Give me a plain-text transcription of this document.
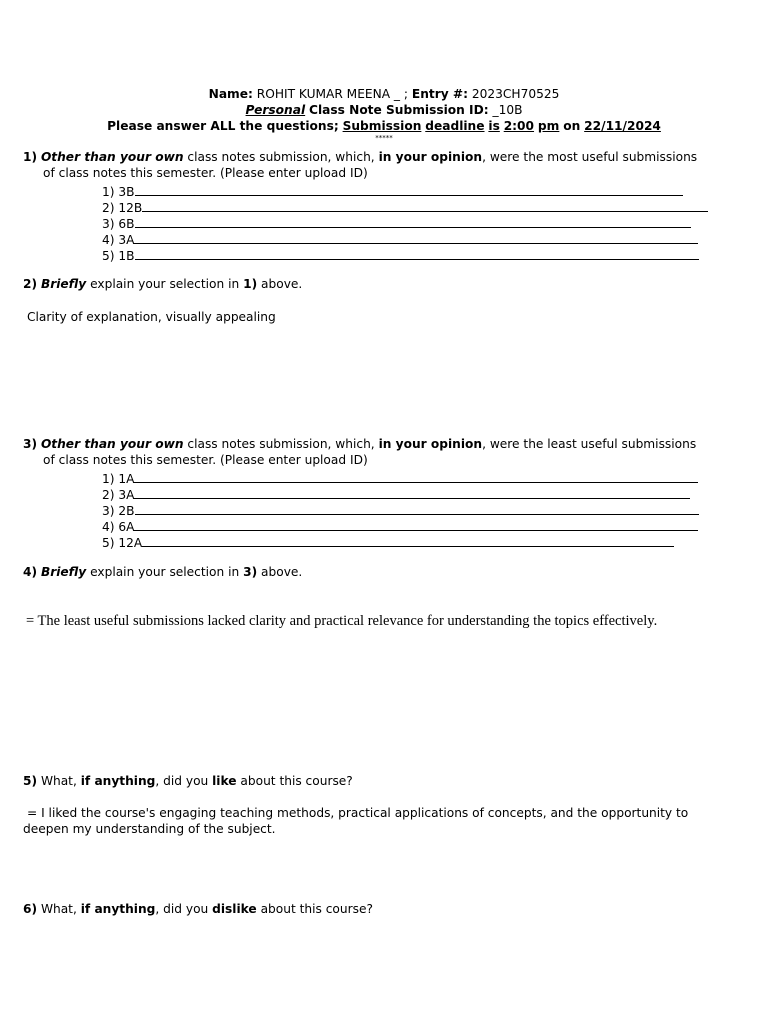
Name: ROHIT KUMAR MEENA _ ; Entry #: 2023CH70525
Personal Class Note Submission ID: _10B
Please answer ALL the questions; Submission deadline is 2:00 pm on 22/11/2024
*****
1) Other than your own class notes submission, which, in your opinion, were the most useful submissions
of class notes this semester. (Please enter upload ID)
1) 3B
2) 12B
3) 6B
4) 3A
5) 1B
2) Briefly explain your selection in 1) above.
Clarity of explanation, visually appealing
3) Other than your own class notes submission, which, in your opinion, were the least useful submissions
of class notes this semester. (Please enter upload ID)
1) 1A
2) 3A
3) 2B
4) 6A
5) 12A
4) Briefly explain your selection in 3) above.
= The least useful submissions lacked clarity and practical relevance for understanding the topics effectively.
5) What, if anything, did you like about this course?
= I liked the course's engaging teaching methods, practical applications of concepts, and the opportunity to
deepen my understanding of the subject.
6) What, if anything, did you dislike about this course?
